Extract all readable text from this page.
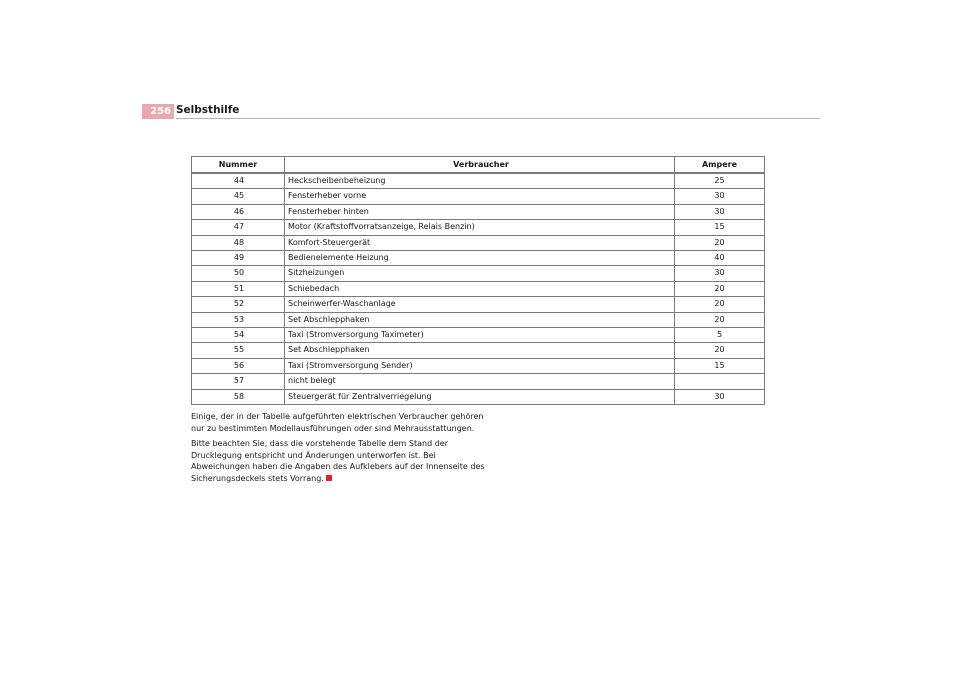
256 Selbsthilfe
Nummer	Verbraucher	Ampere
44	Heckscheibenbeheizung	25
45	Fensterheber vorne	30
46	Fensterheber hinten	30
47	Motor (Kraftstoffvorratsanzeige, Relais Benzin)	15
48	Komfort-Steuergerät	20
49	Bedienelemente Heizung	40
50	Sitzheizungen	30
51	Schiebedach	20
52	Scheinwerfer-Waschanlage	20
53	Set Abschlepphaken	20
54	Taxi (Stromversorgung Taximeter)	5
55	Set Abschlepphaken	20
56	Taxi (Stromversorgung Sender)	15
57	nicht belegt	
58	Steuergerät für Zentralverriegelung	30

Einige, der in der Tabelle aufgeführten elektrischen Verbraucher gehören nur zu bestimmten Modellausführungen oder sind Mehrausstattungen.

Bitte beachten Sie, dass die vorstehende Tabelle dem Stand der Drucklegung entspricht und Änderungen unterworfen ist. Bei Abweichungen haben die Angaben des Aufklebers auf der Innenseite des Sicherungsdeckels stets Vorrang.
